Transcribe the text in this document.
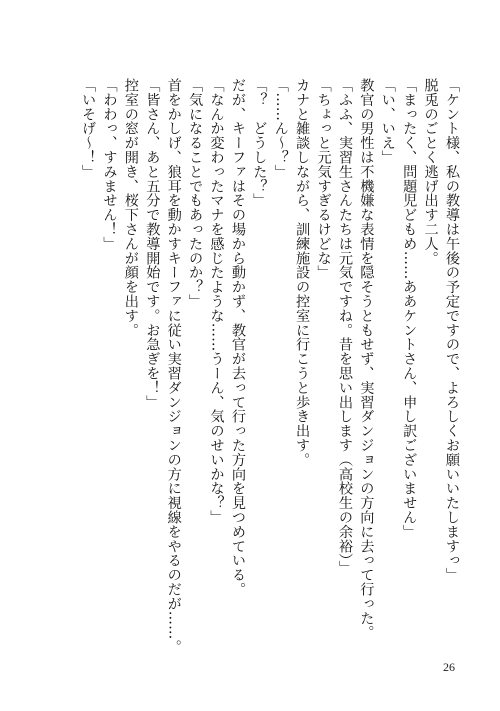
「ケント様、私の教導は午後の予定ですので、よろしくお願いいたしますっ」

脱兎のごとく逃げ出す二人。

「まったく、問題児どもめ……ああケントさん、申し訳ございません」

「い、いえ」

教官の男性は不機嫌な表情を隠そうともせず、実習ダンジョンの方向に去って行った。

「ふふ、実習生さんたちは元気ですね。昔を思い出します（高校生の余裕）」

「ちょっと元気すぎるけどな」

カナと雑談しながら、訓練施設の控室に行こうと歩き出す。

「……ん〜？」

「？　どうした？」

だが、キーファはその場から動かず、教官が去って行った方向を見つめている。

「なんか変わったマナを感じたような……うーん、気のせいかな？」

「気になることでもあったのか？」

首をかしげ、狼耳を動かすキーファに従い実習ダンジョンの方に視線をやるのだが……。

「皆さん、あと五分で教導開始です。お急ぎを！」

控室の窓が開き、桜下さんが顔を出す。

「わわっ、すみません！」

「いそげ〜！」

26
